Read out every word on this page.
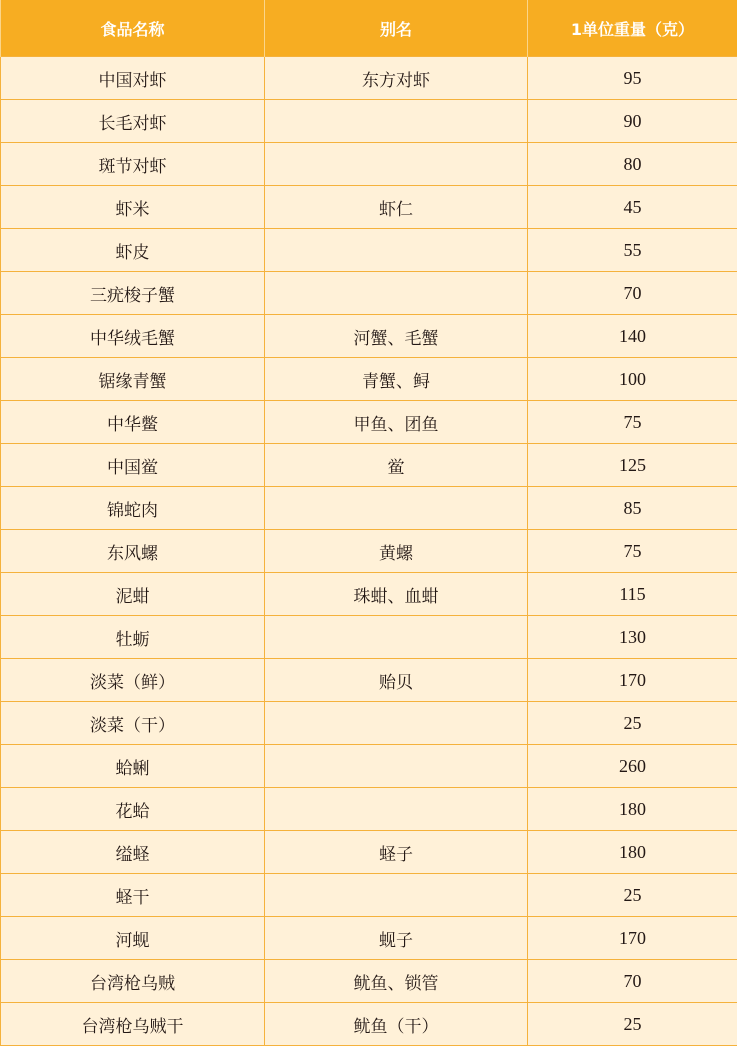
食品名称	别名	1单位重量（克）
中国对虾	东方对虾	95
长毛对虾		90
斑节对虾		80
虾米	虾仁	45
虾皮		55
三疣梭子蟹		70
中华绒毛蟹	河蟹、毛蟹	140
锯缘青蟹	青蟹、鲟	100
中华鳖	甲鱼、团鱼	75
中国鲎	鲎	125
锦蛇肉		85
东风螺	黄螺	75
泥蚶	珠蚶、血蚶	115
牡蛎		130
淡菜（鲜）	贻贝	170
淡菜（干）		25
蛤蜊		260
花蛤		180
缢蛏	蛏子	180
蛏干		25
河蚬	蚬子	170
台湾枪乌贼	鱿鱼、锁管	70
台湾枪乌贼干	鱿鱼（干）	25
